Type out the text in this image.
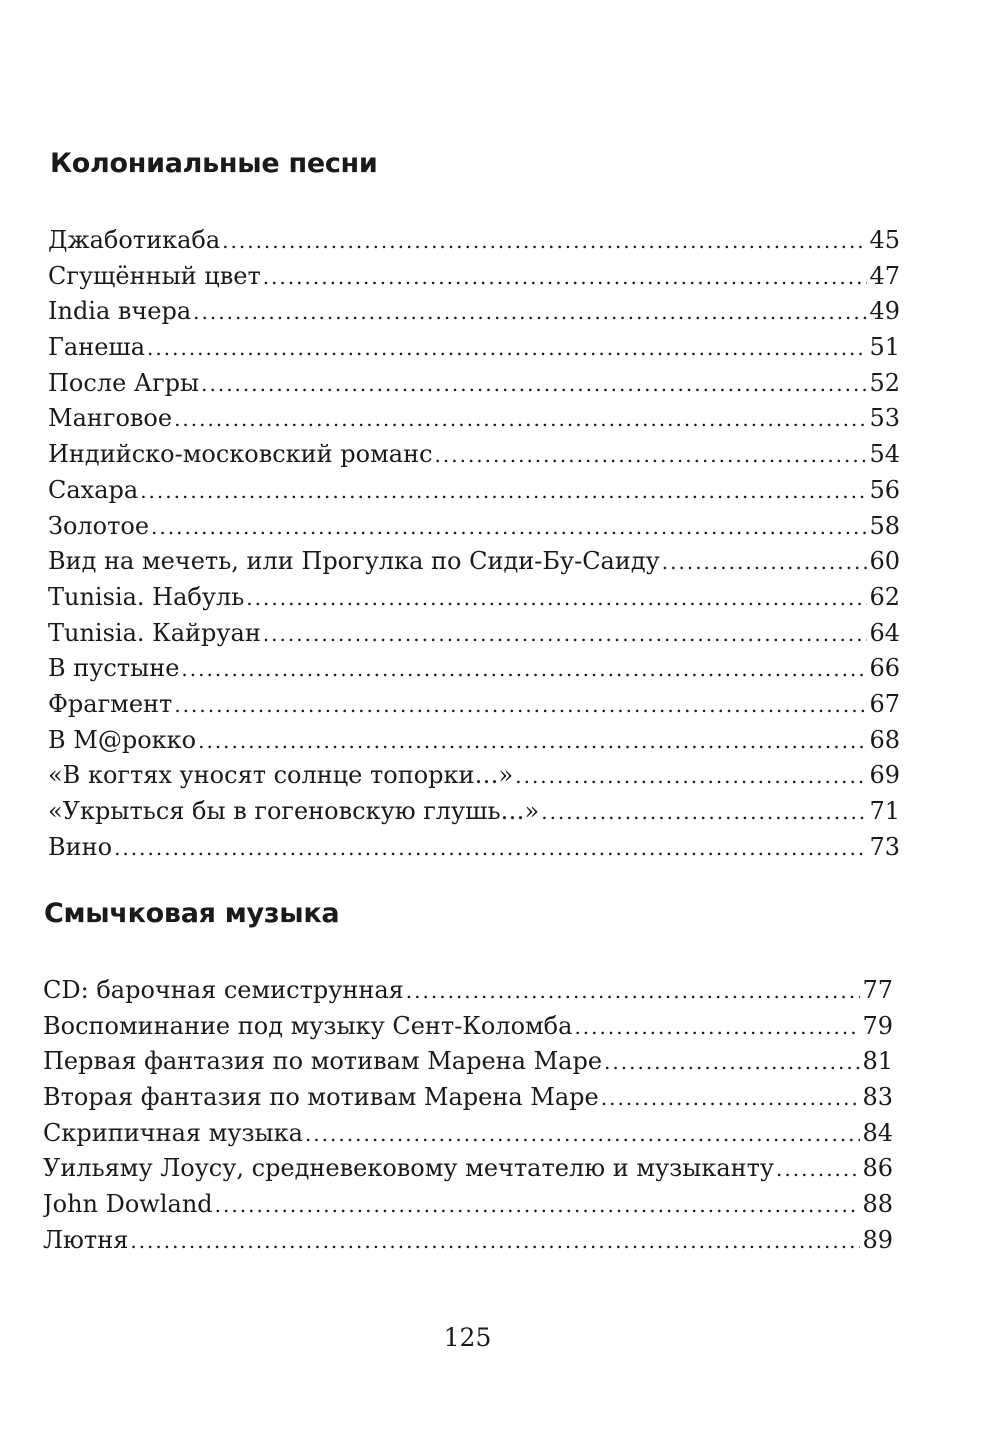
Колониальные песни
Джаботикаба .....	45
Сгущённый цвет .....	47
India вчера .....	49
Ганеша .....	51
После Агры .....	52
Манговое .....	53
Индийско-московский романс .....	54
Сахара .....	56
Золотое .....	58
Вид на мечеть, или Прогулка по Сиди-Бу-Саиду .....	60
Tunisia. Набуль .....	62
Tunisia. Кайруан .....	64
В пустыне .....	66
Фрагмент .....	67
В М@рокко .....	68
«В когтях уносят солнце топорки…» .....	69
«Укрыться бы в гогеновскую глушь…» .....	71
Вино .....	73
Смычковая музыка
CD: барочная семиструнная .....	77
Воспоминание под музыку Сент-Коломба .....	79
Первая фантазия по мотивам Марена Маре .....	81
Вторая фантазия по мотивам Марена Маре .....	83
Скрипичная музыка .....	84
Уильяму Лоусу, средневековому мечтателю и музыканту .....	86
John Dowland .....	88
Лютня .....	89
125
